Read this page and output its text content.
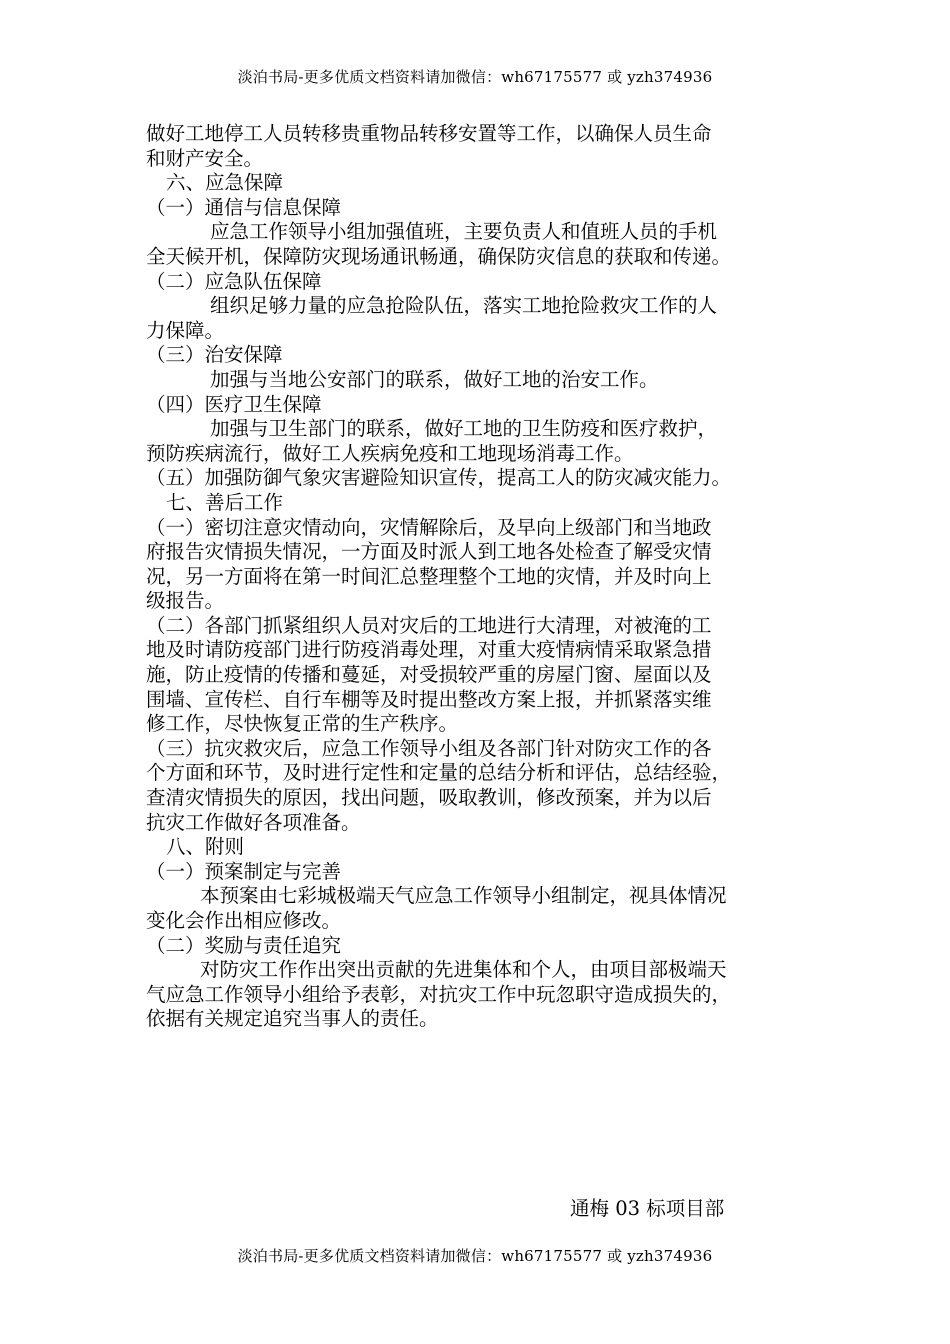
淡泊书局-更多优质文档资料请加微信：wh67175577 或 yzh374936

做好工地停工人员转移贵重物品转移安置等工作，以确保人员生命

和财产安全。

六、应急保障

（一）通信与信息保障

应急工作领导小组加强值班，主要负责人和值班人员的手机

全天候开机，保障防灾现场通讯畅通，确保防灾信息的获取和传递。

（二）应急队伍保障

组织足够力量的应急抢险队伍，落实工地抢险救灾工作的人

力保障。

（三）治安保障

加强与当地公安部门的联系，做好工地的治安工作。

（四）医疗卫生保障

加强与卫生部门的联系，做好工地的卫生防疫和医疗救护，

预防疾病流行，做好工人疾病免疫和工地现场消毒工作。

（五）加强防御气象灾害避险知识宣传，提高工人的防灾减灾能力。

七、善后工作

（一）密切注意灾情动向，灾情解除后，及早向上级部门和当地政

府报告灾情损失情况，一方面及时派人到工地各处检查了解受灾情

况，另一方面将在第一时间汇总整理整个工地的灾情，并及时向上

级报告。

（二）各部门抓紧组织人员对灾后的工地进行大清理，对被淹的工

地及时请防疫部门进行防疫消毒处理，对重大疫情病情采取紧急措

施，防止疫情的传播和蔓延，对受损较严重的房屋门窗、屋面以及

围墙、宣传栏、自行车棚等及时提出整改方案上报，并抓紧落实维

修工作，尽快恢复正常的生产秩序。

（三）抗灾救灾后，应急工作领导小组及各部门针对防灾工作的各

个方面和环节，及时进行定性和定量的总结分析和评估，总结经验，

查清灾情损失的原因，找出问题，吸取教训，修改预案，并为以后

抗灾工作做好各项准备。

八、附则

（一）预案制定与完善

本预案由七彩城极端天气应急工作领导小组制定，视具体情况

变化会作出相应修改。

（二）奖励与责任追究

对防灾工作作出突出贡献的先进集体和个人，由项目部极端天

气应急工作领导小组给予表彰，对抗灾工作中玩忽职守造成损失的，

依据有关规定追究当事人的责任。

通梅 03 标项目部
淡泊书局-更多优质文档资料请加微信：wh67175577 或 yzh374936
